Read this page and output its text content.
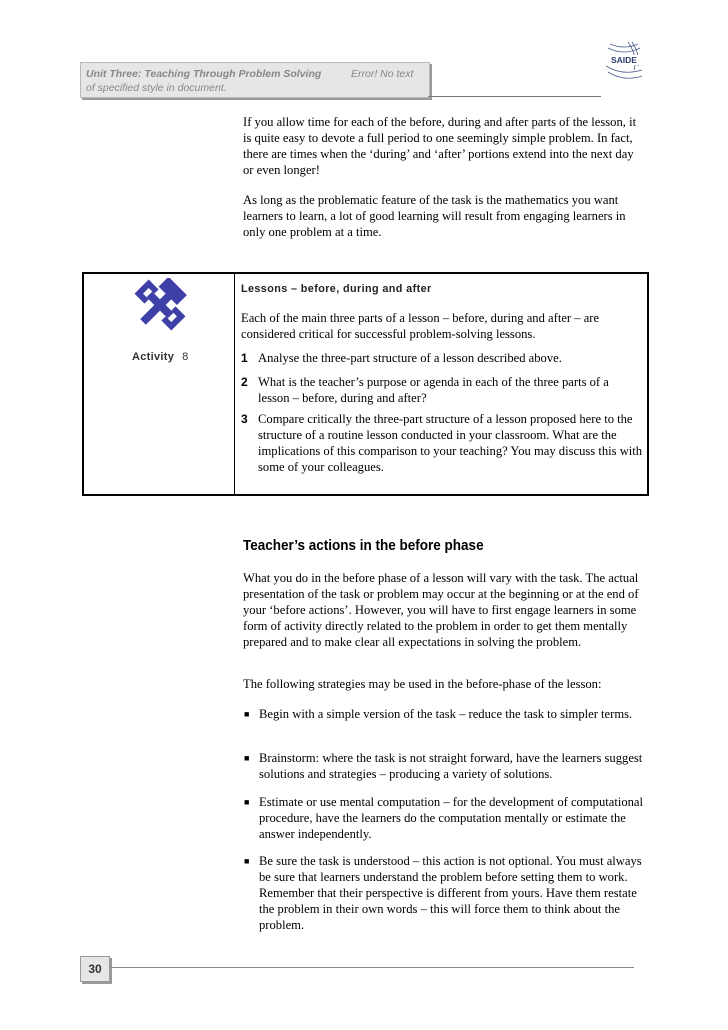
Unit Three: Teaching Through Problem Solving	Error! No text
of specified style in document.
SAIDE

If you allow time for each of the before, during and after parts of the lesson, it is quite easy to devote a full period to one seemingly simple problem. In fact, there are times when the ‘during’ and ‘after’ portions extend into the next day or even longer!

As long as the problematic feature of the task is the mathematics you want learners to learn, a lot of good learning will result from engaging learners in only one problem at a time.

Activity 8
Lessons – before, during and after

Each of the main three parts of a lesson – before, during and after – are considered critical for successful problem-solving lessons.

1 Analyse the three-part structure of a lesson described above.
2 What is the teacher’s purpose or agenda in each of the three parts of a lesson – before, during and after?
3 Compare critically the three-part structure of a lesson proposed here to the structure of a routine lesson conducted in your classroom. What are the implications of this comparison to your teaching? You may discuss this with some of your colleagues.
Teacher’s actions in the before phase

What you do in the before phase of a lesson will vary with the task. The actual presentation of the task or problem may occur at the beginning or at the end of your ‘before actions’. However, you will have to first engage learners in some form of activity directly related to the problem in order to get them mentally prepared and to make clear all expectations in solving the problem.

The following strategies may be used in the before-phase of the lesson:

■ Begin with a simple version of the task – reduce the task to simpler terms.

■ Brainstorm: where the task is not straight forward, have the learners suggest solutions and strategies – producing a variety of solutions.

■ Estimate or use mental computation – for the development of computational procedure, have the learners do the computation mentally or estimate the answer independently.

■ Be sure the task is understood – this action is not optional. You must always be sure that learners understand the problem before setting them to work. Remember that their perspective is different from yours. Have them restate the problem in their own words – this will force them to think about the problem.

30
